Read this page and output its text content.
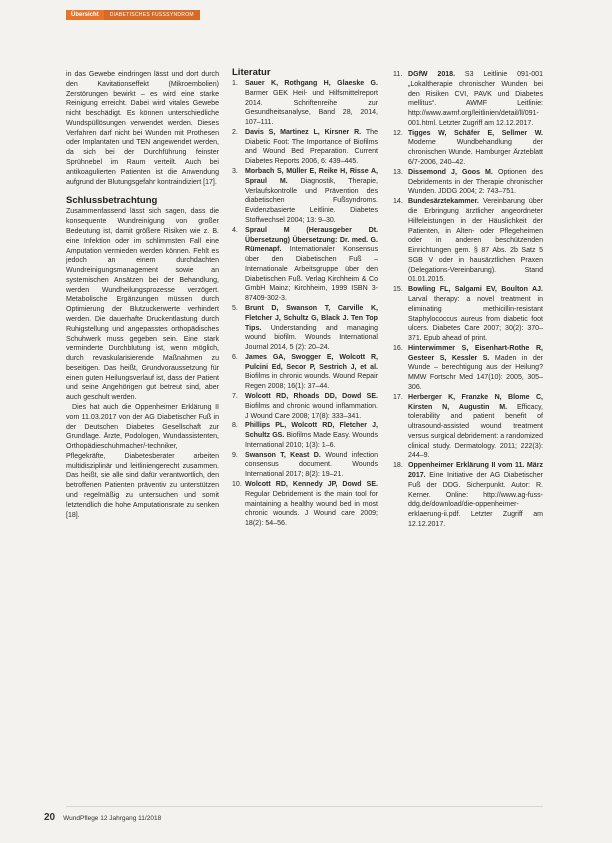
Übersicht	DIABETISCHES FUSSSYNDROM

in das Gewebe eindringen lässt und dort durch den Kavitationseffekt (Mikroembolien) Zerstörungen bewirkt – es wird eine starke Reinigung erreicht. Dabei wird vitales Gewebe nicht beschädigt. Es können unterschiedliche Wundspüllösungen verwendet werden. Dieses Verfahren darf nicht bei Wunden mit Prothesen oder Implantaten und TEN angewendet werden, da sich bei der Durchführung feinster Sprühnebel im Raum verteilt. Auch bei antikoagulierten Patienten ist die Anwendung aufgrund der Blutungsgefahr kontraindiziert [17].

Schlussbetrachtung

Zusammenfassend lässt sich sagen, dass die konsequente Wundreinigung von großer Bedeutung ist, damit größere Risiken wie z. B. eine Infektion oder im schlimmsten Fall eine Amputation vermieden werden können. Fehlt es jedoch an einem durchdachten Wundreinigungsmanagement sowie an systemischen Ansätzen bei der Behandlung, werden Wundheilungsprozesse verzögert. Metabolische Ergänzungen müssen durch Optimierung der Blutzuckerwerte verhindert werden. Die dauerhafte Druckentlastung durch Ruhigstellung und angepasstes orthopädisches Schuhwerk muss gegeben sein. Eine stark verminderte Durchblutung ist, wenn möglich, durch revaskularisierende Maßnahmen zu beseitigen. Das heißt, Grundvoraussetzung für einen guten Heilungsverlauf ist, dass der Patient und seine Angehörigen gut betreut sind, aber auch geschult werden.

Dies hat auch die Oppenheimer Erklärung II vom 11.03.2017 von der AG Diabetischer Fuß in der Deutschen Diabetes Gesellschaft zur Grundlage. Ärzte, Podologen, Wundassistenten, Orthopädieschuhmacher/-techniker, Pflegekräfte, Diabetesberater arbeiten multidisziplinär und leitliniengerecht zusammen. Das heißt, sie alle sind dafür verantwortlich, den betroffenen Patienten präventiv zu unterstützen und regelmäßig zu untersuchen und somit letztendlich die hohe Amputationsrate zu senken [18].

Literatur
1. Sauer K, Rothgang H, Glaeske G. Barmer GEK Heil- und Hilfsmittelreport 2014. Schriftenreihe zur Gesundheitsanalyse, Band 28, 2014, 107–111.
2. Davis S, Martinez L, Kirsner R. The Diabetic Foot: The Importance of Biofilms and Wound Bed Preparation. Current Diabetes Reports 2006, 6: 439–445.
3. Morbach S, Müller E, Reike H, Risse A, Spraul M. Diagnostik, Therapie, Verlaufskontrolle und Prävention des diabetischen Fußsyndroms. Evidenzbasierte Leitlinie. Diabetes Stoffwechsel 2004; 13: 9–30.
4. Spraul M (Herausgeber Dt. Übersetzung) Übersetzung: Dr. med. G. Rümenapf. Internationaler Konsensus über den Diabetischen Fuß – Internationale Arbeitsgruppe über den Diabetischen Fuß. Verlag Kirchheim & Co GmbH Mainz; Kirchheim, 1999 ISBN 3-87409-302-3.
5. Brunt D, Swanson T, Carville K, Fletcher J, Schultz G, Black J. Ten Top Tips. Understanding and managing wound biofilm. Wounds International Journal 2014, 5 (2): 20–24.
6. James GA, Swogger E, Wolcott R, Pulcini Ed, Secor P, Sestrich J, et al. Biofilms in chronic wounds. Wound Repair Regen 2008; 16(1): 37–44.
7. Wolcott RD, Rhoads DD, Dowd SE. Biofilms and chronic wound inflammation. J Wound Care 2008; 17(8): 333–341.
8. Phillips PL, Wolcott RD, Fletcher J, Schultz GS. Biofilms Made Easy. Wounds International 2010; 1(3): 1–6.
9. Swanson T, Keast D. Wound infection consensus document. Wounds International 2017; 8(2): 19–21.
10. Wolcott RD, Kennedy JP, Dowd SE. Regular Debridement is the main tool for maintaining a healthy wound bed in most chronic wounds. J Wound care 2009; 18(2): 54–56.
11. DGfW 2018. S3 Leitlinie 091-001 „Lokaltherapie chronischer Wunden bei den Risiken CVI, PAVK und Diabetes mellitus“. AWMF Leitlinie: http://www.awmf.org/leitlinien/detail/ll/091-001.html. Letzter Zugriff am 12.12.2017.
12. Tigges W, Schäfer E, Sellmer W. Moderne Wundbehandlung der chronischen Wunde. Hamburger Ärzteblatt 6/7-2006, 240–42.
13. Dissemond J, Goos M. Optionen des Debridements in der Therapie chronischer Wunden. JDDG 2004; 2: 743–751.
14. Bundesärztekammer. Vereinbarung über die Erbringung ärztlicher angeordneter Hilfeleistungen in der Häuslichkeit der Patienten, in Alten- oder Pflegeheimen oder in anderen beschützenden Einrichtungen gem. § 87 Abs. 2b Satz 5 SGB V oder in hausärztlichen Praxen (Delegations-Vereinbarung). Stand 01.01.2015.
15. Bowling FL, Salgami EV, Boulton AJ. Larval therapy: a novel treatment in eliminating methicillin-resistant Staphylococcus aureus from diabetic foot ulcers. Diabetes Care 2007; 30(2): 370–371. Epub ahead of print.
16. Hinterwimmer S, Eisenhart-Rothe R, Gesteer S, Kessler S. Maden in der Wunde – berechtigung aus der Heilung? MMW Fortschr Med 147(10): 2005, 305–306.
17. Herberger K, Franzke N, Blome C, Kirsten N, Augustin M. Efficacy, tolerability and patient benefit of ultrasound-assisted wound treatment versus surgical debridement: a randomized clinical study. Dermatology. 2011; 222(3): 244–9.
18. Oppenheimer Erklärung II vom 11. März 2017. Eine Initiative der AG Diabetischer Fuß der DDG. Sicherpunkt. Autor: R. Kerner. Online: http://www.ag-fuss-ddg.de/download/die-oppenheimer-erklaerung-ii.pdf. Letzter Zugriff am 12.12.2017.
20 WundPflege 12 Jahrgang 11/2018
